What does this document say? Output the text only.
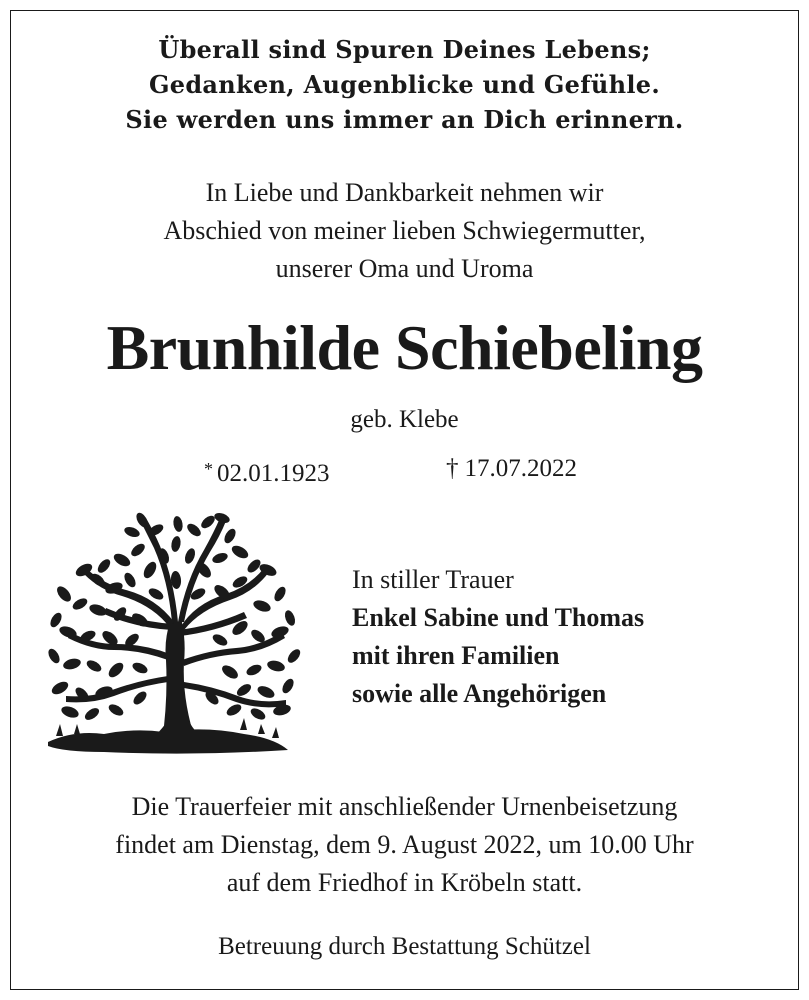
Überall sind Spuren Deines Lebens;
Gedanken, Augenblicke und Gefühle.
Sie werden uns immer an Dich erinnern.
In Liebe und Dankbarkeit nehmen wir
Abschied von meiner lieben Schwiegermutter,
unserer Oma und Uroma
Brunhilde Schiebeling
geb. Klebe
* 02.01.1923	† 17.07.2022
In stiller Trauer
Enkel Sabine und Thomas
mit ihren Familien
sowie alle Angehörigen
Die Trauerfeier mit anschließender Urnenbeisetzung
findet am Dienstag, dem 9. August 2022, um 10.00 Uhr
auf dem Friedhof in Kröbeln statt.
Betreuung durch Bestattung Schützel
